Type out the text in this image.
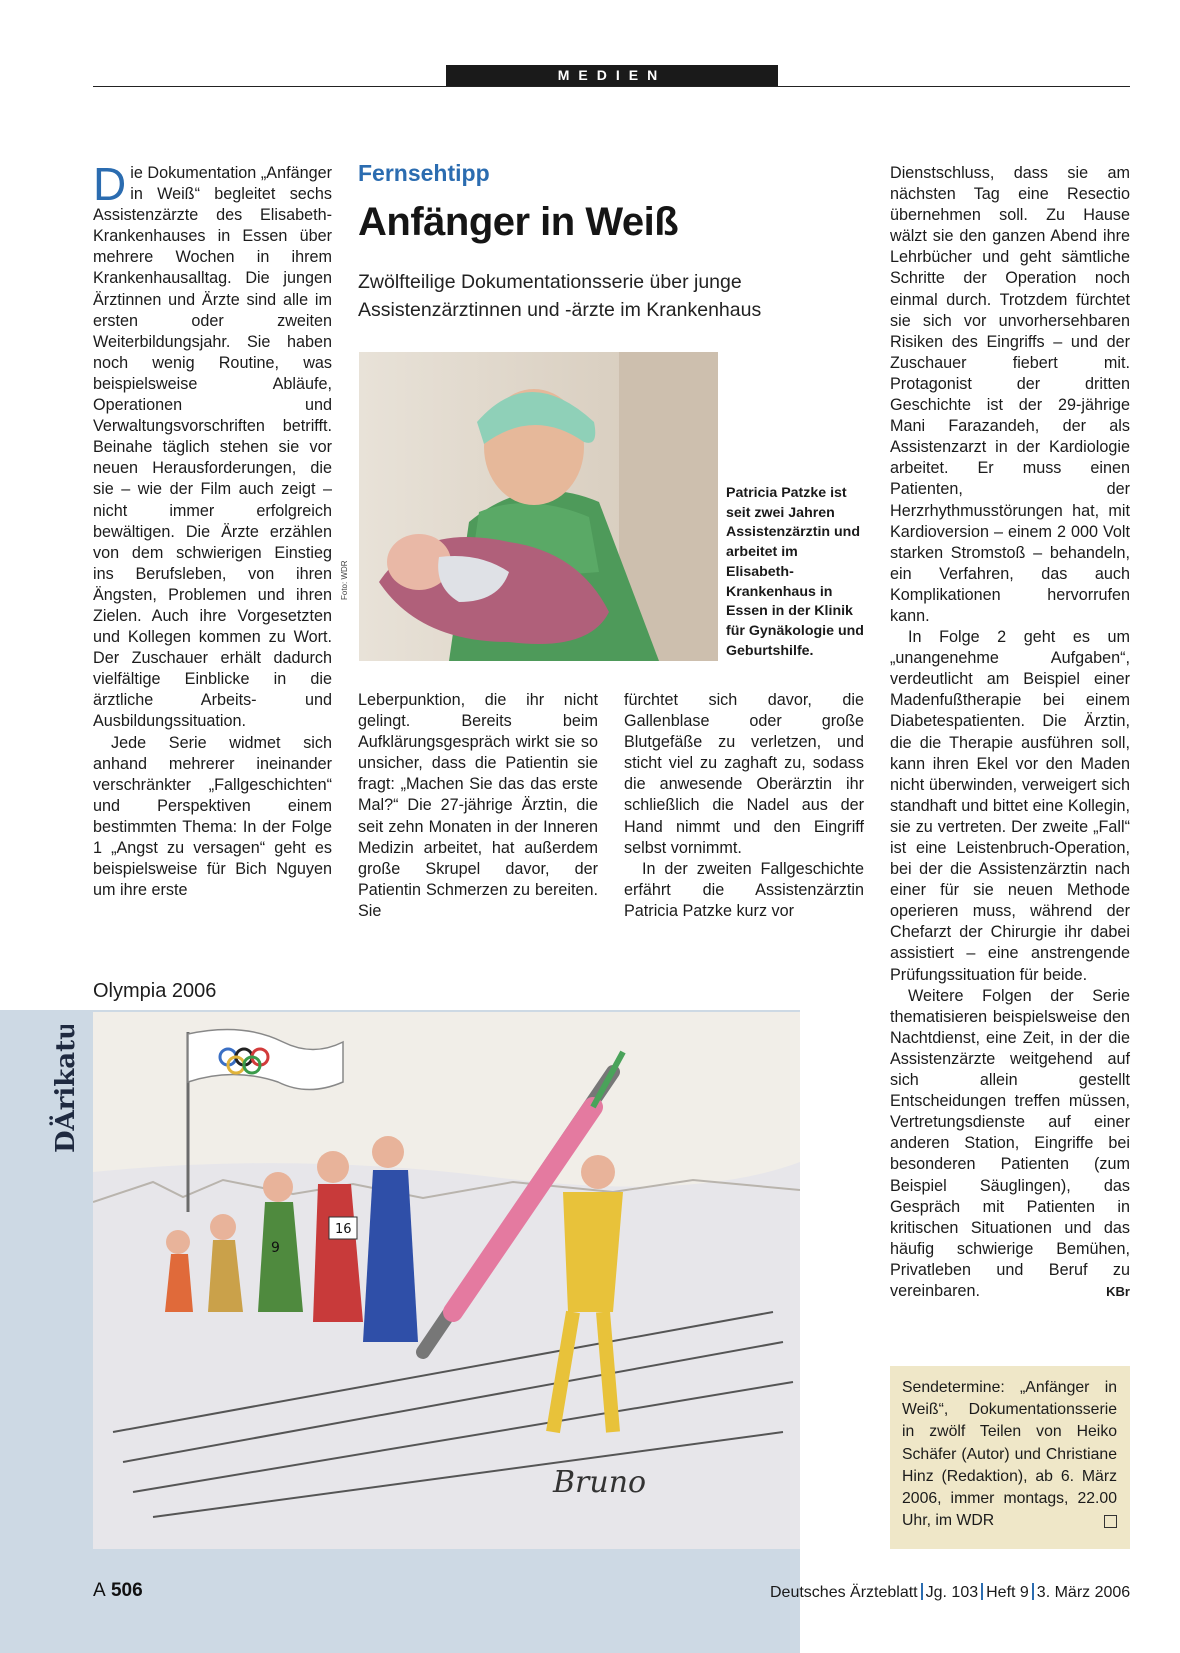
MEDIEN

Die Dokumentation „Anfänger in Weiß“ begleitet sechs Assistenzärzte des Elisabeth-Krankenhauses in Essen über mehrere Wochen in ihrem Krankenhausalltag. Die jungen Ärztinnen und Ärzte sind alle im ersten oder zweiten Weiterbildungsjahr. Sie haben noch wenig Routine, was beispielsweise Abläufe, Operationen und Verwaltungsvorschriften betrifft. Beinahe täglich stehen sie vor neuen Herausforderungen, die sie – wie der Film auch zeigt – nicht immer erfolgreich bewältigen. Die Ärzte erzählen von dem schwierigen Einstieg ins Berufsleben, von ihren Ängsten, Problemen und ihren Zielen. Auch ihre Vorgesetzten und Kollegen kommen zu Wort. Der Zuschauer erhält dadurch vielfältige Einblicke in die ärztliche Arbeits- und Ausbildungssituation.

Jede Serie widmet sich anhand mehrerer ineinander verschränkter „Fallgeschichten“ und Perspektiven einem bestimmten Thema: In der Folge 1 „Angst zu versagen“ geht es beispielsweise für Bich Nguyen um ihre erste

Fernsehtipp
Anfänger in Weiß
Zwölfteilige Dokumentationsserie über junge
Assistenzärztinnen und -ärzte im Krankenhaus
Foto: WDR
Patricia Patzke ist seit zwei Jahren Assistenzärztin und arbeitet im Elisabeth-Krankenhaus in Essen in der Klinik für Gynäkologie und Geburtshilfe.

Leberpunktion, die ihr nicht gelingt. Bereits beim Aufklärungsgespräch wirkt sie so unsicher, dass die Patientin sie fragt: „Machen Sie das das erste Mal?“ Die 27-jährige Ärztin, die seit zehn Monaten in der Inneren Medizin arbeitet, hat außerdem große Skrupel davor, der Patientin Schmerzen zu bereiten. Sie

fürchtet sich davor, die Gallenblase oder große Blutgefäße zu verletzen, und sticht viel zu zaghaft zu, sodass die anwesende Oberärztin ihr schließlich die Nadel aus der Hand nimmt und den Eingriff selbst vornimmt.

In der zweiten Fallgeschichte erfährt die Assistenzärztin Patricia Patzke kurz vor

Dienstschluss, dass sie am nächsten Tag eine Resectio übernehmen soll. Zu Hause wälzt sie den ganzen Abend ihre Lehrbücher und geht sämtliche Schritte der Operation noch einmal durch. Trotzdem fürchtet sie sich vor unvorhersehbaren Risiken des Eingriffs – und der Zuschauer fiebert mit. Protagonist der dritten Geschichte ist der 29-jährige Mani Farazandeh, der als Assistenzarzt in der Kardiologie arbeitet. Er muss einen Patienten, der Herzrhythmusstörungen hat, mit Kardioversion – einem 2 000 Volt starken Stromstoß – behandeln, ein Verfahren, das auch Komplikationen hervorrufen kann.

In Folge 2 geht es um „unangenehme Aufgaben“, verdeutlicht am Beispiel einer Madenfußtherapie bei einem Diabetespatienten. Die Ärztin, die die Therapie ausführen soll, kann ihren Ekel vor den Maden nicht überwinden, verweigert sich standhaft und bittet eine Kollegin, sie zu vertreten. Der zweite „Fall“ ist eine Leistenbruch-Operation, bei der die Assistenzärztin nach einer für sie neuen Methode operieren muss, während der Chefarzt der Chirurgie ihr dabei assistiert – eine anstrengende Prüfungssituation für beide.

Weitere Folgen der Serie thematisieren beispielsweise den Nachtdienst, eine Zeit, in der die Assistenzärzte weitgehend auf sich allein gestellt Entscheidungen treffen müssen, Vertretungsdienste auf einer anderen Station, Eingriffe bei besonderen Patienten (zum Beispiel Säuglingen), das Gespräch mit Patienten in kritischen Situationen und das häufig schwierige Bemühen, Privatleben und Beruf zu vereinbaren.	KBr

Olympia 2006
DÄrikatur
9
16
Bruno
Sendetermine: „Anfänger in Weiß“, Dokumentationsserie in zwölf Teilen von Heiko Schäfer (Autor) und Christiane Hinz (Redaktion), ab 6. März 2006, immer montags, 22.00 Uhr, im WDR
A 506	Deutsches Ärzteblatt Jg. 103 Heft 9 3. März 2006
